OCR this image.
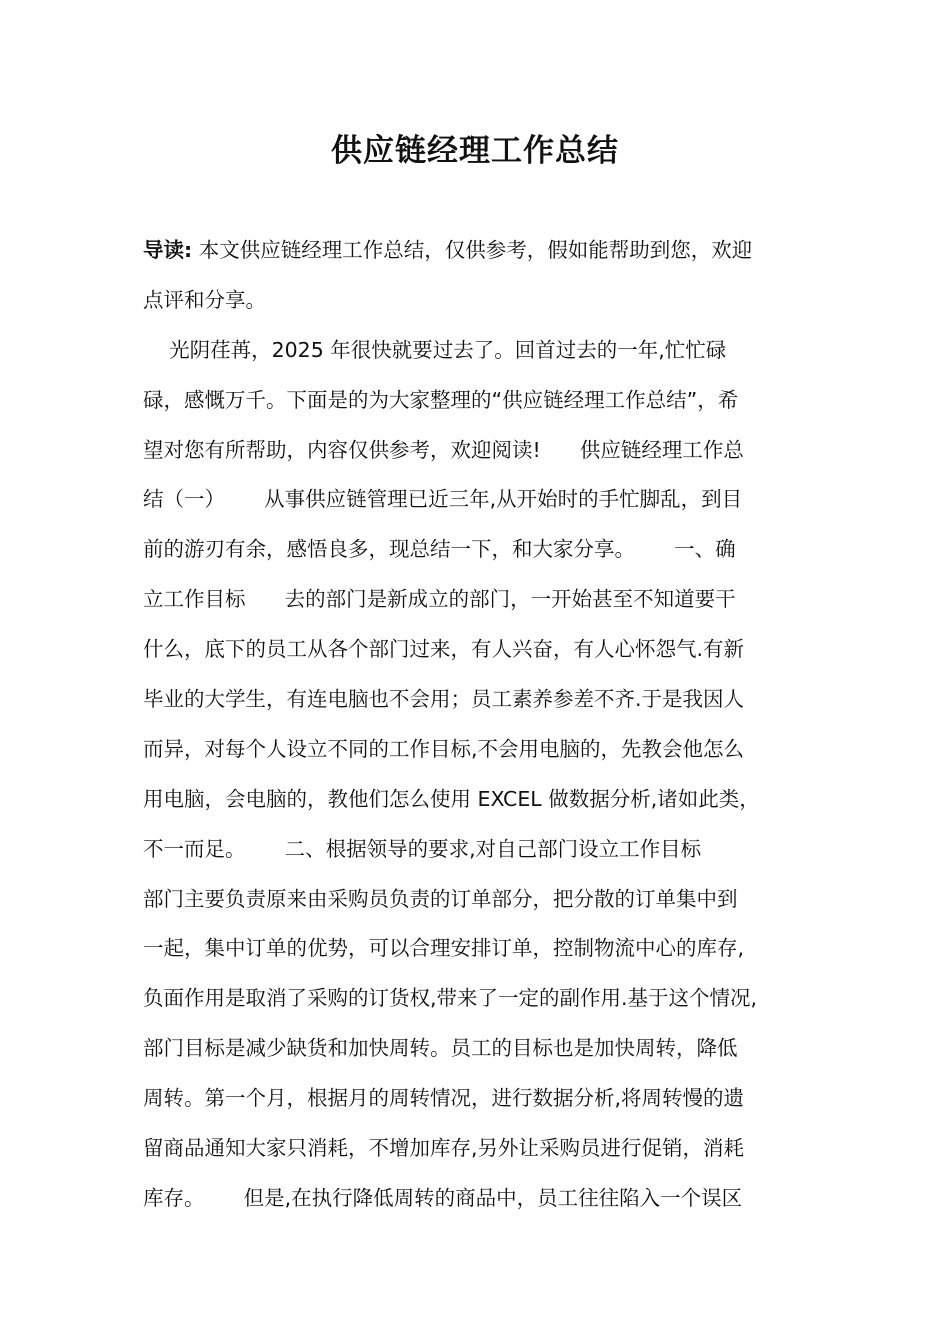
供应链经理工作总结
导读: 本文供应链经理工作总结，仅供参考，假如能帮助到您，欢迎
点评和分享。
光阴荏苒，2025 年很快就要过去了。回首过去的一年,忙忙碌
碌，感慨万千。下面是的为大家整理的“供应链经理工作总结”，希
望对您有所帮助，内容仅供参考，欢迎阅读!      供应链经理工作总
结（一）      从事供应链管理已近三年,从开始时的手忙脚乱，到目
前的游刃有余，感悟良多，现总结一下，和大家分享。      一、确
立工作目标      去的部门是新成立的部门，一开始甚至不知道要干
什么，底下的员工从各个部门过来，有人兴奋，有人心怀怨气.有新
毕业的大学生，有连电脑也不会用；员工素养参差不齐.于是我因人
而异，对每个人设立不同的工作目标,不会用电脑的，先教会他怎么
用电脑，会电脑的，教他们怎么使用 EXCEL 做数据分析,诸如此类，
不一而足。      二、根据领导的要求,对自己部门设立工作目标
部门主要负责原来由采购员负责的订单部分，把分散的订单集中到
一起，集中订单的优势，可以合理安排订单，控制物流中心的库存,
负面作用是取消了采购的订货权,带来了一定的副作用.基于这个情况,
部门目标是减少缺货和加快周转。员工的目标也是加快周转，降低
周转。第一个月，根据月的周转情况，进行数据分析,将周转慢的遗
留商品通知大家只消耗，不增加库存,另外让采购员进行促销，消耗
库存。      但是,在执行降低周转的商品中，员工往往陷入一个误区
